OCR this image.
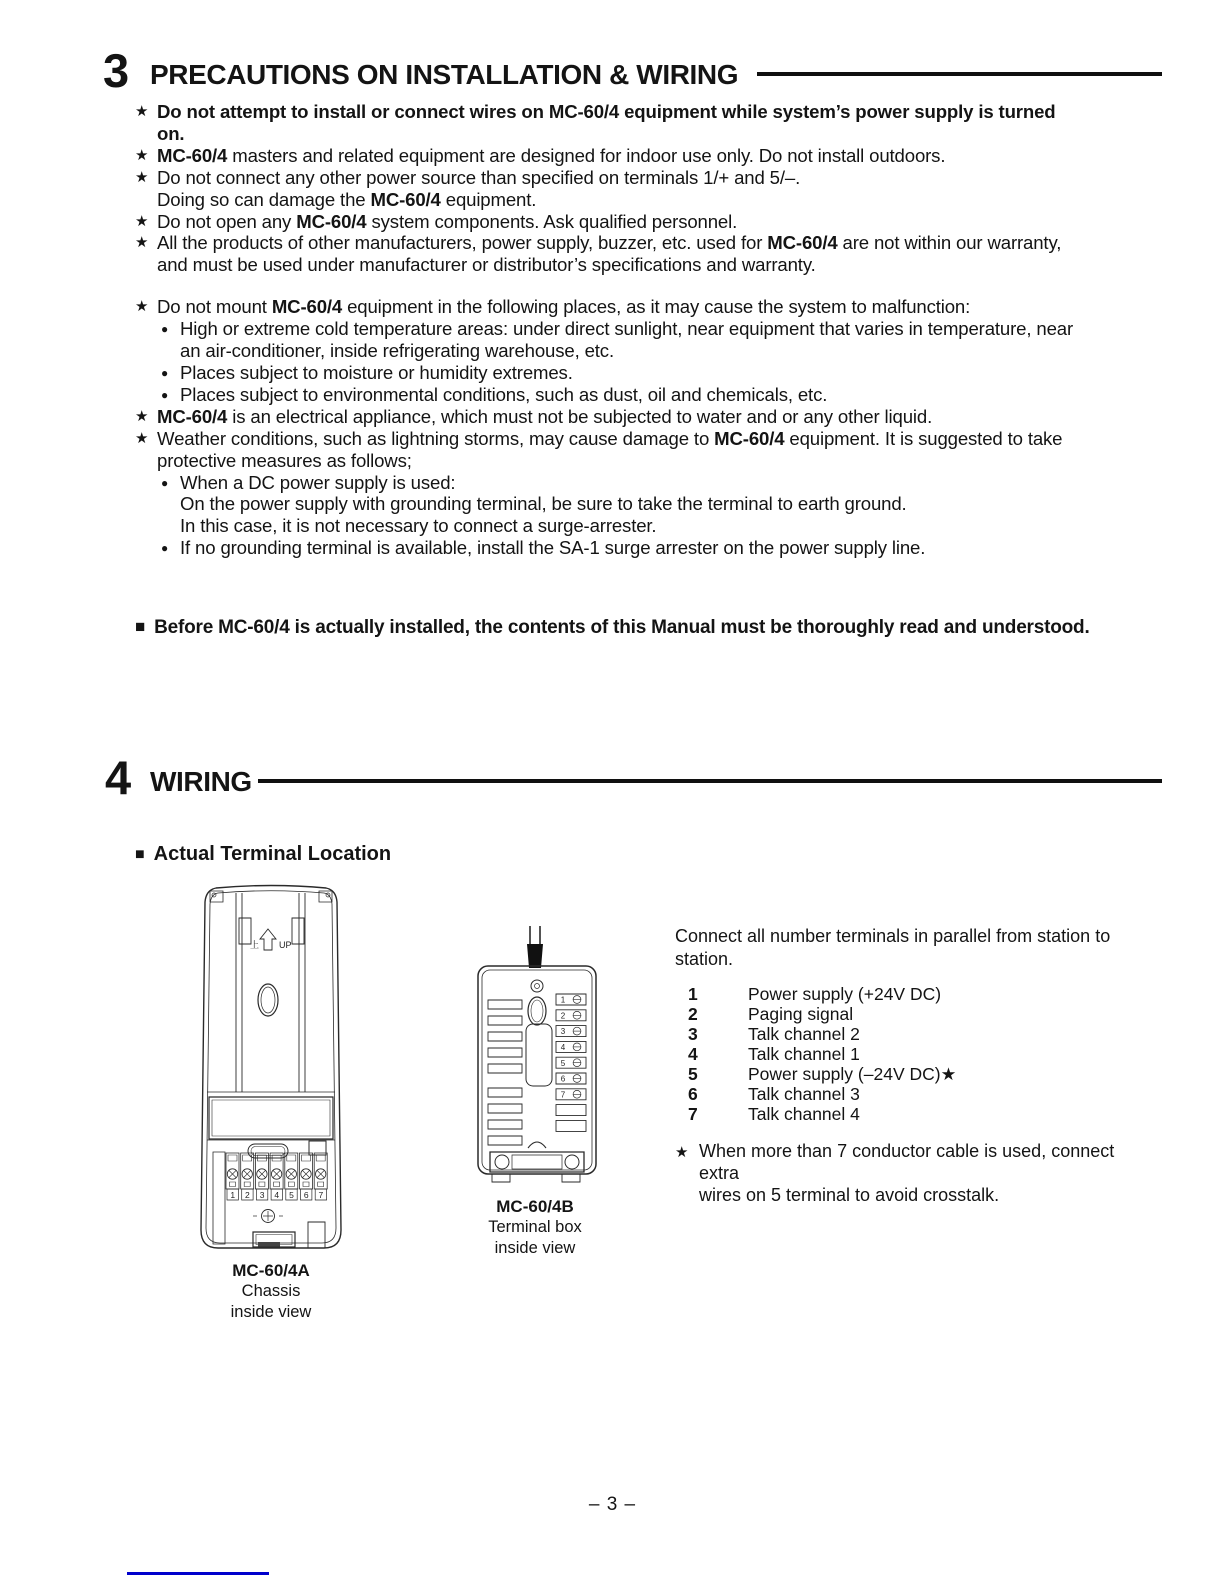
3 PRECAUTIONS ON INSTALLATION & WIRING
★ Do not attempt to install or connect wires on MC-60/4 equipment while system’s power supply is turned
on.
★ MC-60/4 masters and related equipment are designed for indoor use only. Do not install outdoors.
★ Do not connect any other power source than specified on terminals 1/+ and 5/–.
Doing so can damage the MC-60/4 equipment.
★ Do not open any MC-60/4 system components. Ask qualified personnel.
★ All the products of other manufacturers, power supply, buzzer, etc. used for MC-60/4 are not within our warranty,
and must be used under manufacturer or distributor’s specifications and warranty.
★ Do not mount MC-60/4 equipment in the following places, as it may cause the system to malfunction:
● High or extreme cold temperature areas: under direct sunlight, near equipment that varies in temperature, near
an air-conditioner, inside refrigerating warehouse, etc.
● Places subject to moisture or humidity extremes.
● Places subject to environmental conditions, such as dust, oil and chemicals, etc.
★ MC-60/4 is an electrical appliance, which must not be subjected to water and or any other liquid.
★ Weather conditions, such as lightning storms, may cause damage to MC-60/4 equipment. It is suggested to take
protective measures as follows;
● When a DC power supply is used:
On the power supply with grounding terminal, be sure to take the terminal to earth ground.
In this case, it is not necessary to connect a surge-arrester.
● If no grounding terminal is available, install the SA-1 surge arrester on the power supply line.
■ Before MC-60/4 is actually installed, the contents of this Manual must be thoroughly read and understood.
4 WIRING
■ Actual Terminal Location
上 UP
1 2 3 4 5 6 7
1
2
3
4
5
6
7
MC-60/4A
Chassis
inside view
MC-60/4B
Terminal box
inside view
Connect all number terminals in parallel from station to
station.
1	Power supply (+24V DC)
2	Paging signal
3	Talk channel 2
4	Talk channel 1
5	Power supply (–24V DC)★
6	Talk channel 3
7	Talk channel 4
★ When more than 7 conductor cable is used, connect extra
wires on 5 terminal to avoid crosstalk.
– 3 –
